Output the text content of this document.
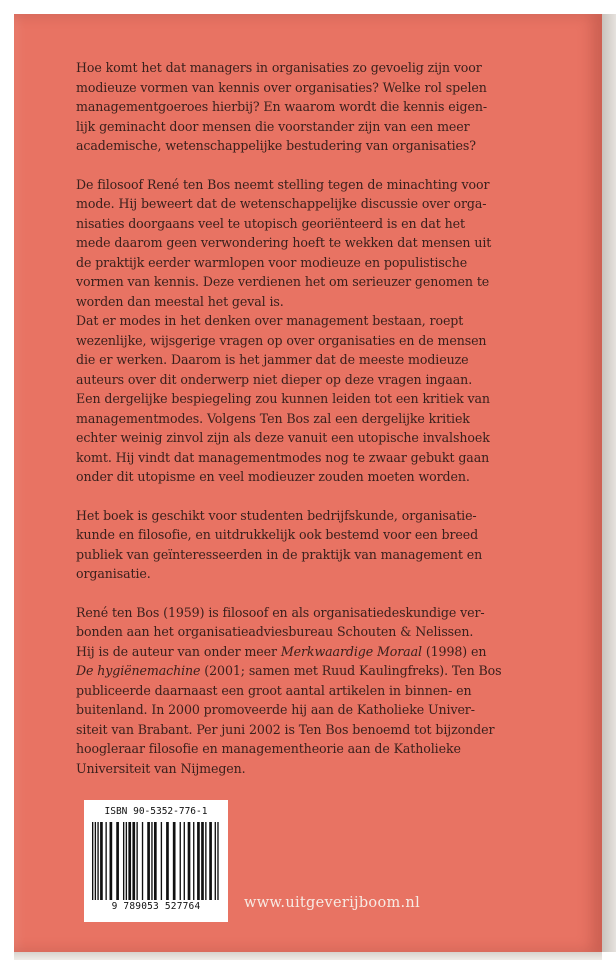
Hoe komt het dat managers in organisaties zo gevoelig zijn voor
modieuze vormen van kennis over organisaties? Welke rol spelen
managementgoeroes hierbij? En waarom wordt die kennis eigen-
lijk geminacht door mensen die voorstander zijn van een meer
academische, wetenschappelijke bestudering van organisaties?

De filosoof René ten Bos neemt stelling tegen de minachting voor
mode. Hij beweert dat de wetenschappelijke discussie over orga-
nisaties doorgaans veel te utopisch georiënteerd is en dat het
mede daarom geen verwondering hoeft te wekken dat mensen uit
de praktijk eerder warmlopen voor modieuze en populistische
vormen van kennis. Deze verdienen het om serieuzer genomen te
worden dan meestal het geval is.
Dat er modes in het denken over management bestaan, roept
wezenlijke, wijsgerige vragen op over organisaties en de mensen
die er werken. Daarom is het jammer dat de meeste modieuze
auteurs over dit onderwerp niet dieper op deze vragen ingaan.
Een dergelijke bespiegeling zou kunnen leiden tot een kritiek van
managementmodes. Volgens Ten Bos zal een dergelijke kritiek
echter weinig zinvol zijn als deze vanuit een utopische invalshoek
komt. Hij vindt dat managementmodes nog te zwaar gebukt gaan
onder dit utopisme en veel modieuzer zouden moeten worden.

Het boek is geschikt voor studenten bedrijfskunde, organisatie-
kunde en filosofie, en uitdrukkelijk ook bestemd voor een breed
publiek van geïnteresseerden in de praktijk van management en
organisatie.

René ten Bos (1959) is filosoof en als organisatiedeskundige ver-
bonden aan het organisatieadviesbureau Schouten & Nelissen.
Hij is de auteur van onder meer Merkwaardige Moraal (1998) en
De hygiënemachine (2001; samen met Ruud Kaulingfreks). Ten Bos
publiceerde daarnaast een groot aantal artikelen in binnen- en
buitenland. In 2000 promoveerde hij aan de Katholieke Univer-
siteit van Brabant. Per juni 2002 is Ten Bos benoemd tot bijzonder
hoogleraar filosofie en managementheorie aan de Katholieke
Universiteit van Nijmegen.

ISBN 90-5352-776-1
9 789053 527764	www.uitgeverijboom.nl
